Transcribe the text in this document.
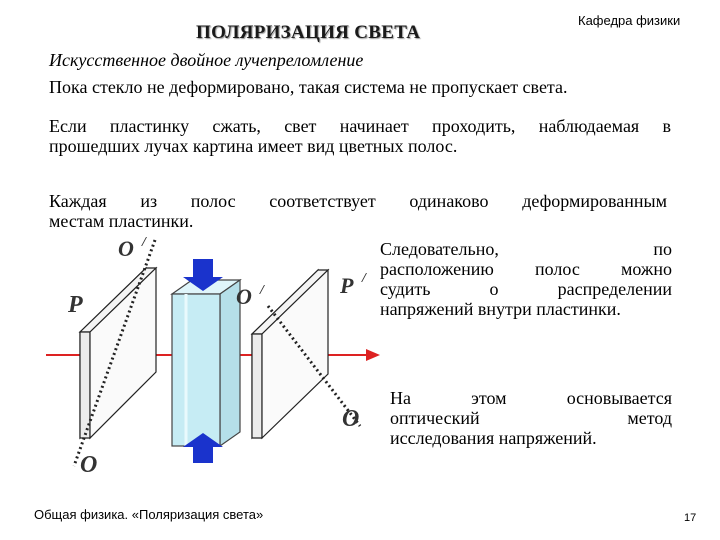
ПОЛЯРИЗАЦИЯ СВЕТА
Кафедра физики
Искусственное двойное лучепреломление
Пока стекло не деформировано, такая система не пропускает света.
Если пластинку сжать, свет начинает проходить, наблюдаемая в
прошедших лучах картина имеет вид цветных полос.
Каждая из полос соответствует одинаково деформированным
местам пластинки.
O /
P	O /	P /
O
O
Следовательно, по
расположению полос можно
судить о распределении
напряжений внутри пластинки.
На этом основывается
оптический метод
исследования напряжений.
Общая физика. «Поляризация света»	17
